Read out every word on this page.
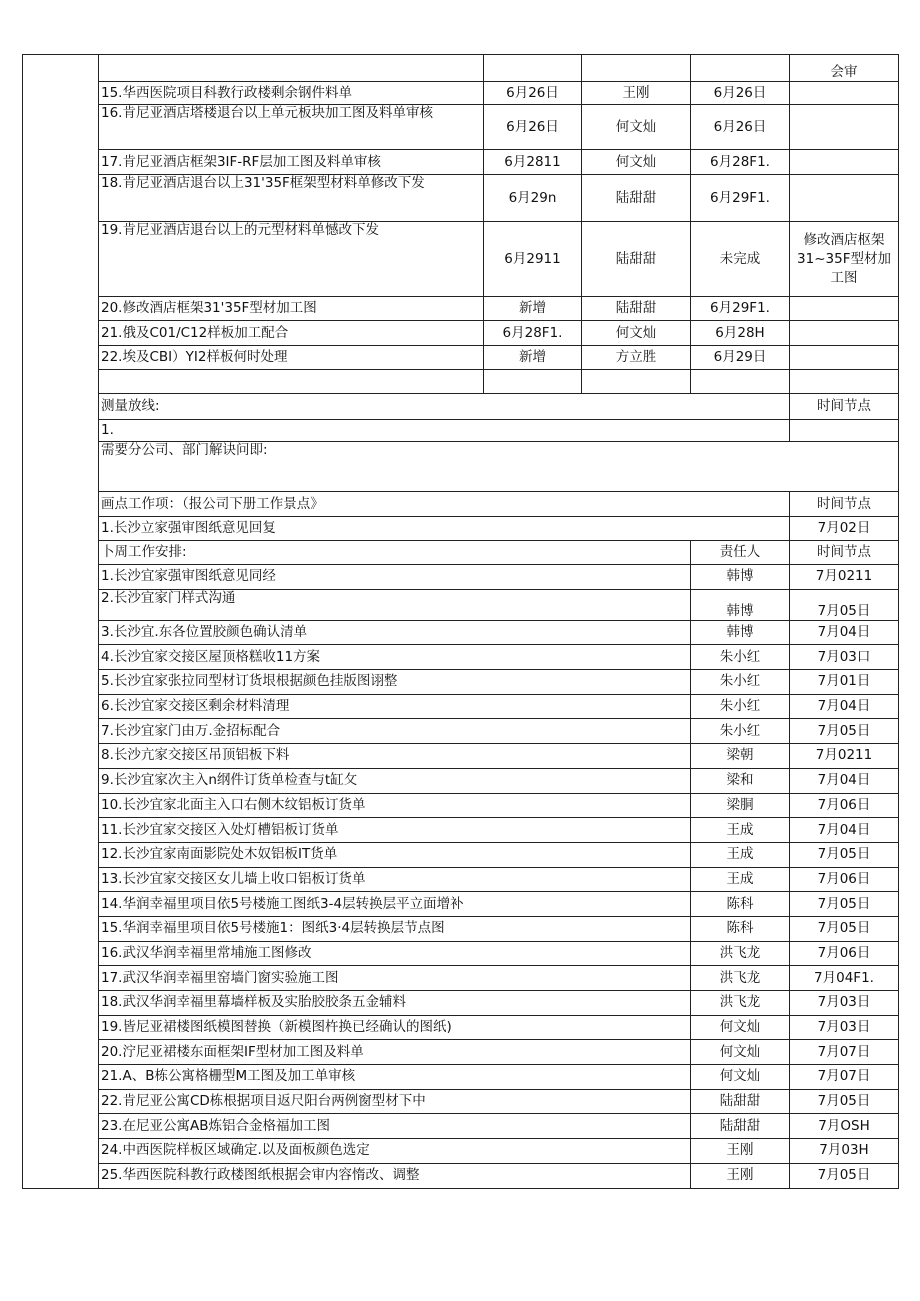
					会审
	15.华西医院项目科教行政楼剩余钢件料单	6月26日	王刚	6月26日	
	16.肯尼亚酒店塔楼退台以上单元板块加工图及料单审核	6月26日	何文灿	6月26日	
	17.肯尼亚酒店框架3IF-RF层加工图及料单审核	6月2811	何文灿	6月28F1.	
	18.肯尼亚酒店退台以上31'35F框架型材料单修改下发	6月29n	陆甜甜	6月29F1.	
	19.肯尼亚酒店退台以上的元型材料单憾改下发	6月2911	陆甜甜	未完成	修改酒店枢架31~35F型材加工图
	20.修改酒店框架31'35F型材加工图	新增	陆甜甜	6月29F1.	
	21.俄及C01/C12样板加工配合	6月28F1.	何文灿	6月28H	
	22.埃及CBI）YI2样板何时处理	新增	方立胜	6月29日	

	测量放线:				时间节点
	1.				
	需要分公司、部门解诀问即:				
	画点工作项：（报公司下册工作景点》				时间节点
	1.长沙立家强审图纸意见回复				7月02日
	卜周工作安排:			责任人	时间节点
	1.长沙宜家强审图纸意见同经			韩博	7月0211
	2.长沙宜家门样式沟通			韩博	7月05日
	3.长沙宜.东各位置胶颜色确认清单			韩博	7月04日
	4.长沙宜家交接区屋顶格糕收11方案			朱小红	7月03口
	5.长沙宜家张拉同型材订货垠根据颜色挂版图诩整			朱小红	7月01日
	6.长沙宜家交接区剩余材料清理			朱小红	7月04日
	7.长沙宜家门由万.金招标配合			朱小红	7月05日
	8.长沙亢家交接区吊顶铝板下料			梁朝	7月0211
	9.长沙宜家次主入n纲件订货单检查与t缸攵			梁和	7月04日
	10.长沙宜家北面主入口右侧木纹铝板订货单			梁胴	7月06日
	11.长沙宜家交接区入处灯槽铝板订货单			王成	7月04日
	12.长沙宜家南面影院处木奴铝板IT货单			王成	7月05日
	13.长沙宜家交接区女儿墙上收口铝板订货单			王成	7月06日
	14.华润幸福里项目依5号楼施工图纸3-4层转换层平立面增补			陈科	7月05日
	15.华润幸福里项目依5号楼施1：图纸3·4层转换层节点图			陈科	7月05日
	16.武汉华润幸福里常埔施工图修改			洪飞龙	7月06日
	17.武汉华润幸福里窑墙门窗实验施工图			洪飞龙	7月04F1.
	18.武汉华润幸福里幕墙样板及实胎胶胶条五金辅料			洪飞龙	7月03日
	19.皆尼亚裙楼图纸模图替换（新模图杵换已经确认的图纸)			何文灿	7月03日
	20.泞尼亚裙楼东面框架IF型材加工图及料单			何文灿	7月07日
	21.A、B栋公寓格栅型M工图及加工单审核			何文灿	7月07日
	22.肯尼亚公寓CD栋根据项目返尺阳台两例窗型材下中			陆甜甜	7月05日
	23.在尼亚公寓AB炼铝合金格福加工图			陆甜甜	7月OSH
	24.中西医院样板区域确定.以及面板颜色选定			王刚	7月03H
	25.华西医院科教行政楼图纸根据会审内容惰改、调整			王刚	7月05日
